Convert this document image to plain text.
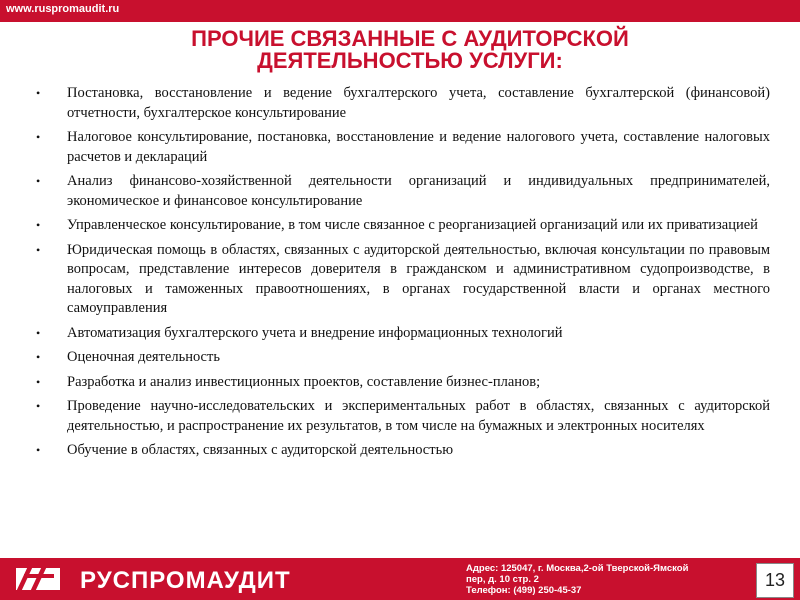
www.ruspromaudit.ru
ПРОЧИЕ СВЯЗАННЫЕ С АУДИТОРСКОЙ
ДЕЯТЕЛЬНОСТЬЮ УСЛУГИ:
• Постановка, восстановление и ведение бухгалтерского учета, составление бухгалтерской (финансовой) отчетности, бухгалтерское консультирование
• Налоговое консультирование, постановка, восстановление и ведение налогового учета, составление налоговых расчетов и деклараций
• Анализ финансово-хозяйственной деятельности организаций и индивидуальных предпринимателей, экономическое и финансовое консультирование
• Управленческое консультирование, в том числе связанное с реорганизацией организаций или их приватизацией
• Юридическая помощь в областях, связанных с аудиторской деятельностью, включая консультации по правовым вопросам, представление интересов доверителя в гражданском и административном судопроизводстве, в налоговых и таможенных правоотношениях, в органах государственной власти и органах местного самоуправления
• Автоматизация бухгалтерского учета и внедрение информационных технологий
• Оценочная деятельность
• Разработка и анализ инвестиционных проектов, составление бизнес-планов;
• Проведение научно-исследовательских и экспериментальных работ в областях, связанных с аудиторской деятельностью, и распространение их результатов, в том числе на бумажных и электронных носителях
• Обучение в областях, связанных с аудиторской деятельностью
РУСПРОМАУДИТ	Адрес: 125047, г. Москва,2-ой Тверской-Ямской
пер, д. 10 стр. 2
Телефон: (499) 250-45-37
13
